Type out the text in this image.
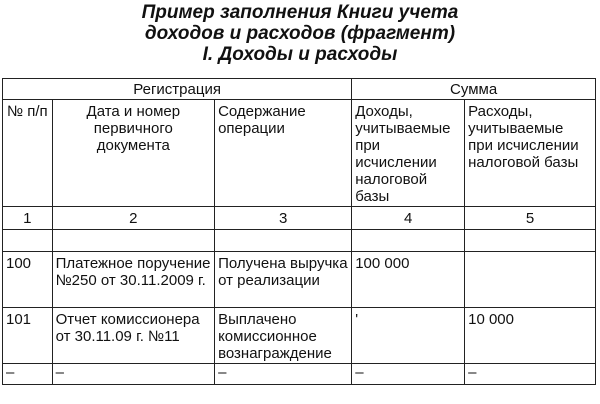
Пример заполнения Книги учета
доходов и расходов (фрагмент)
I. Доходы и расходы
Регистрация			Сумма	
№ п/п	Дата и номер первичного документа	Содержание операции	Доходы, учитываемые при исчислении налоговой базы	Расходы, учитываемые при исчислении налоговой базы
1	2	3	4	5

100	Платежное поручение №250 от 30.11.2009 г.	Получена выручка от реализации	100 000	
101	Отчет комиссионера от 30.11.09 г. №11	Выплачено комиссионное вознаграждение	'	10 000
–	–	–	–	–
